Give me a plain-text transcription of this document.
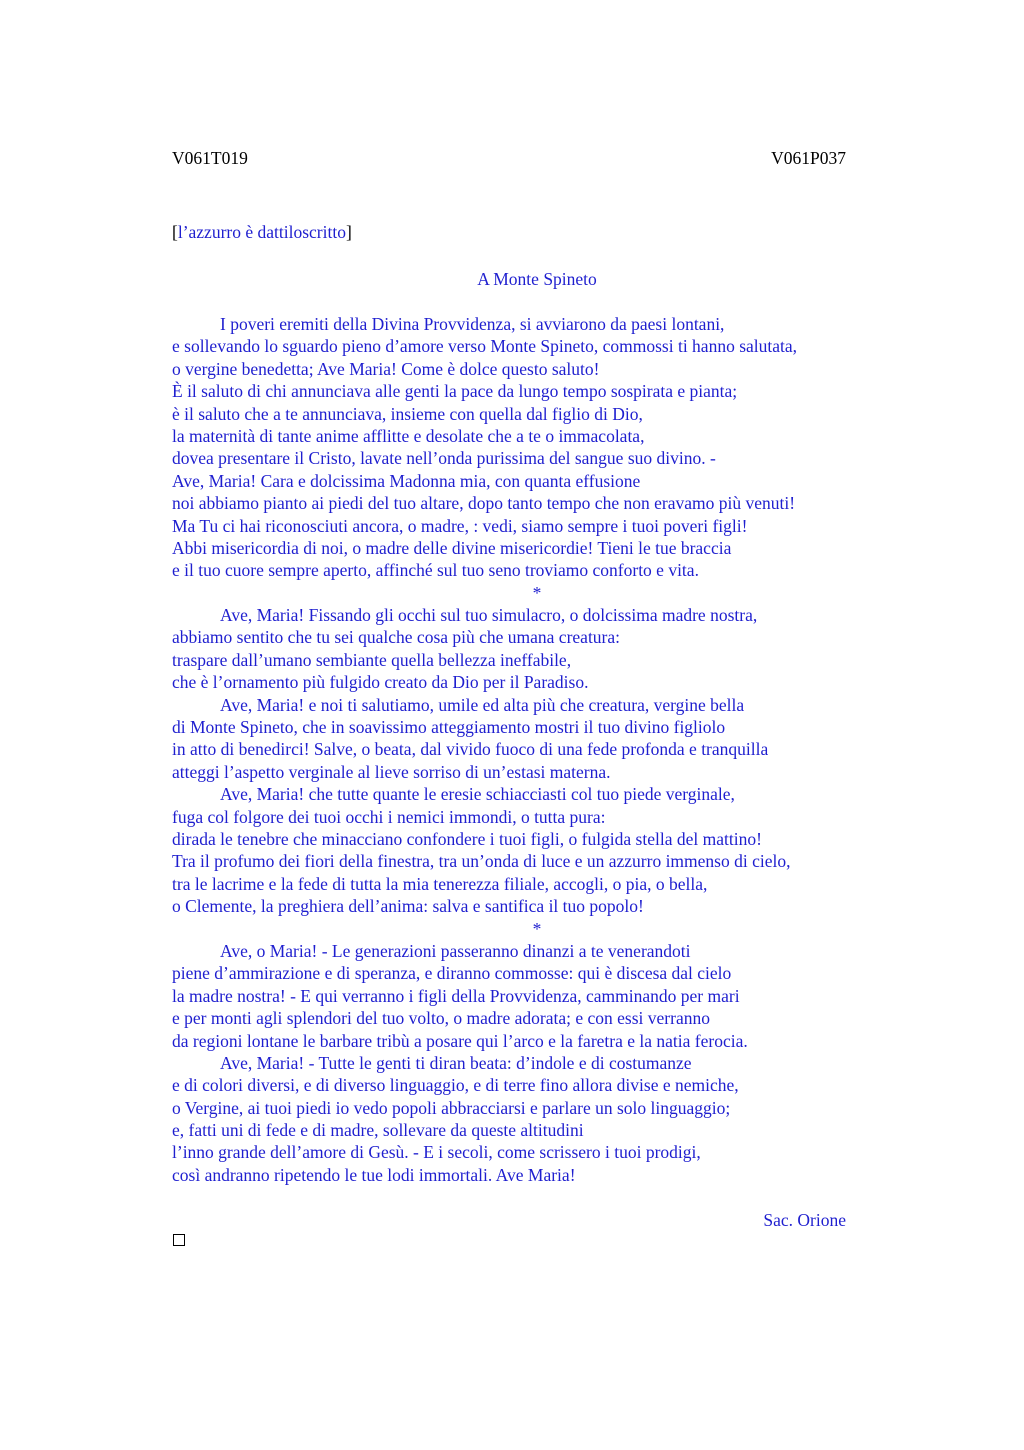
V061T019	V061P037
[l’azzurro è dattiloscritto]
A Monte Spineto
I poveri eremiti della Divina Provvidenza, si avviarono da paesi lontani,
e sollevando lo sguardo pieno d’amore verso Monte Spineto, commossi ti hanno salutata,
o vergine benedetta; Ave Maria! Come è dolce questo saluto!
È il saluto di chi annunciava alle genti la pace da lungo tempo sospirata e pianta;
è il saluto che a te annunciava, insieme con quella dal figlio di Dio,
la maternità di tante anime afflitte e desolate che a te o immacolata,
dovea presentare il Cristo, lavate nell’onda purissima del sangue suo divino. -
Ave, Maria! Cara e dolcissima Madonna mia, con quanta effusione
noi abbiamo pianto ai piedi del tuo altare, dopo tanto tempo che non eravamo più venuti!
Ma Tu ci hai riconosciuti ancora, o madre, : vedi, siamo sempre i tuoi poveri figli!
Abbi misericordia di noi, o madre delle divine misericordie! Tieni le tue braccia
e il tuo cuore sempre aperto, affinché sul tuo seno troviamo conforto e vita.
*
Ave, Maria! Fissando gli occhi sul tuo simulacro, o dolcissima madre nostra,
abbiamo sentito che tu sei qualche cosa più che umana creatura:
traspare dall’umano sembiante quella bellezza ineffabile,
che è l’ornamento più fulgido creato da Dio per il Paradiso.
Ave, Maria! e noi ti salutiamo, umile ed alta più che creatura, vergine bella
di Monte Spineto, che in soavissimo atteggiamento mostri il tuo divino figliolo
in atto di benedirci! Salve, o beata, dal vivido fuoco di una fede profonda e tranquilla
atteggi l’aspetto verginale al lieve sorriso di un’estasi materna.
Ave, Maria! che tutte quante le eresie schiacciasti col tuo piede verginale,
fuga col folgore dei tuoi occhi i nemici immondi, o tutta pura:
dirada le tenebre che minacciano confondere i tuoi figli, o fulgida stella del mattino!
Tra il profumo dei fiori della finestra, tra un’onda di luce e un azzurro immenso di cielo,
tra le lacrime e la fede di tutta la mia tenerezza filiale, accogli, o pia, o bella,
o Clemente, la preghiera dell’anima: salva e santifica il tuo popolo!
*
Ave, o Maria! - Le generazioni passeranno dinanzi a te venerandoti
piene d’ammirazione e di speranza, e diranno commosse: qui è discesa dal cielo
la madre nostra! - E qui verranno i figli della Provvidenza, camminando per mari
e per monti agli splendori del tuo volto, o madre adorata; e con essi verranno
da regioni lontane le barbare tribù a posare qui l’arco e la faretra e la natia ferocia.
Ave, Maria! - Tutte le genti ti diran beata: d’indole e di costumanze
e di colori diversi, e di diverso linguaggio, e di terre fino allora divise e nemiche,
o Vergine, ai tuoi piedi io vedo popoli abbracciarsi e parlare un solo linguaggio;
e, fatti uni di fede e di madre, sollevare da queste altitudini
l’inno grande dell’amore di Gesù. - E i secoli, come scrissero i tuoi prodigi,
così andranno ripetendo le tue lodi immortali. Ave Maria!
Sac. Orione
